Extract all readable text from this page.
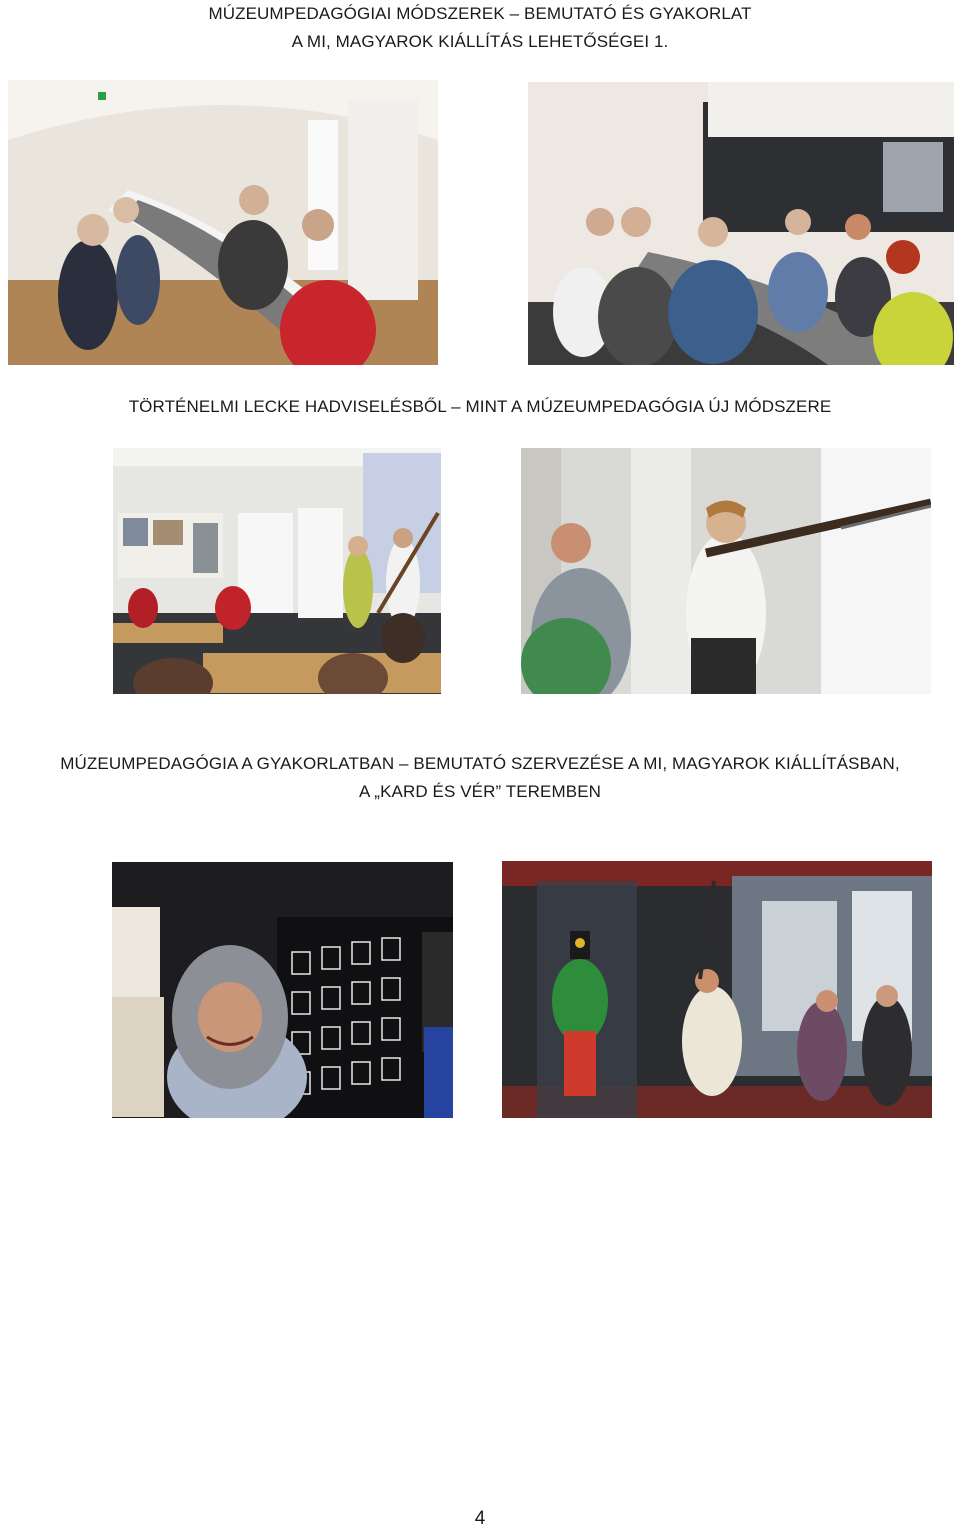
MÚZEUMPEDAGÓGIAI MÓDSZEREK – BEMUTATÓ ÉS GYAKORLAT
A MI, MAGYAROK KIÁLLÍTÁS LEHETŐSÉGEI 1.
TÖRTÉNELMI LECKE HADVISELÉSBŐL – MINT A MÚZEUMPEDAGÓGIA ÚJ MÓDSZERE
MÚZEUMPEDAGÓGIA A GYAKORLATBAN – BEMUTATÓ SZERVEZÉSE A MI, MAGYAROK KIÁLLÍTÁSBAN,
A „KARD ÉS VÉR” TEREMBEN
4
